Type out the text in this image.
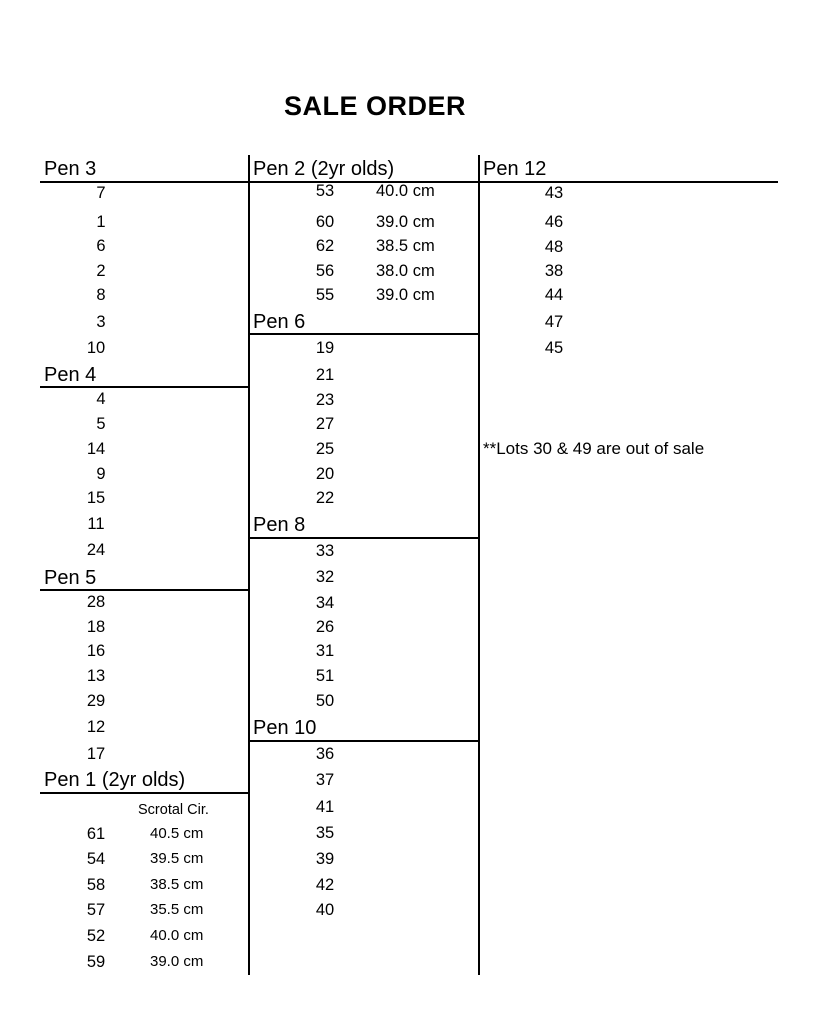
SALE ORDER
Pen 3
Pen 4
Pen 5
Pen 1 (2yr olds)
Scrotal Cir.
7
1
6
2
8
3
10
4
5
14
9
15
11
24
28
18
16
13
29
12
17
61
54
58
57
52
59
40.5 cm
39.5 cm
38.5 cm
35.5 cm
40.0 cm
39.0 cm
Pen 2 (2yr olds)
Pen 6
Pen 8
Pen 10
53
60
62
56
55
40.0 cm
39.0 cm
38.5 cm
38.0 cm
39.0 cm
19
21
23
27
25
20
22
33
32
34
26
31
51
50
36
37
41
35
39
42
40
Pen 12
43
46
48
38
44
47
45
**Lots 30 & 49 are out of sale
